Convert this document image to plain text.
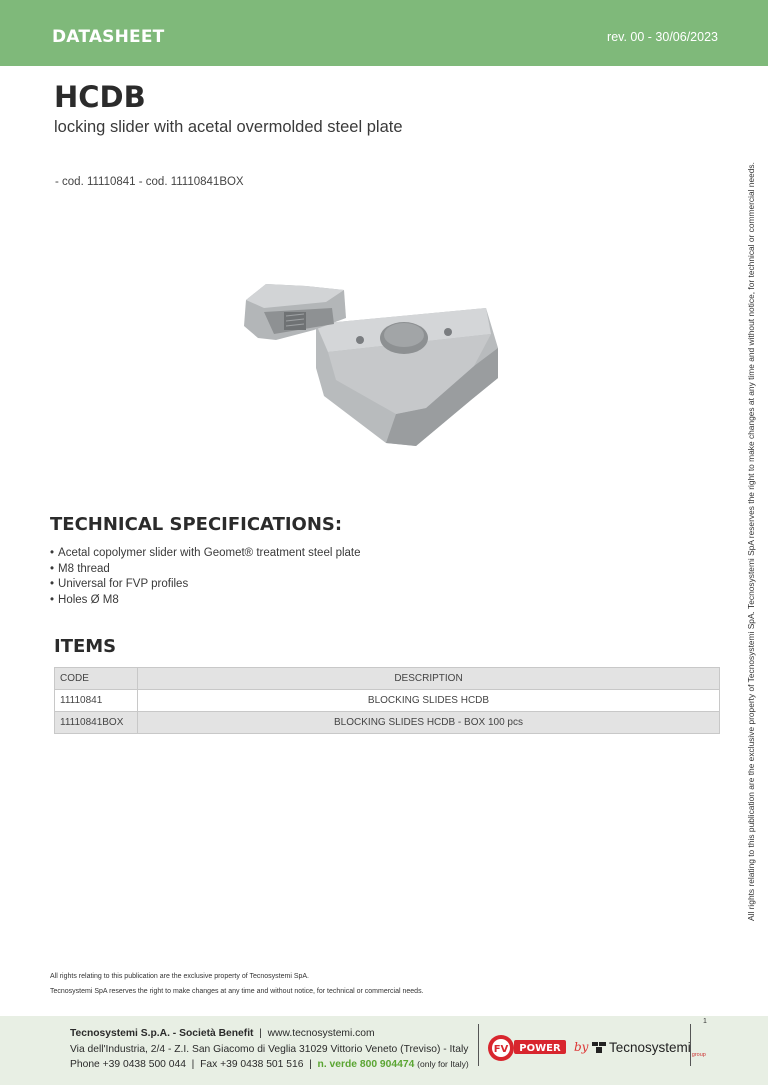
DATASHEET	rev. 00 - 30/06/2023
HCDB
locking slider with acetal overmolded steel plate
- cod. 11110841 - cod. 11110841BOX	All rights relating to this publication are the exclusive property of Tecnosystemi SpA. Tecnosystemi SpA reserves the right to make changes at any time and without notice, for technical or commercial needs.
TECHNICAL SPECIFICATIONS:
• Acetal copolymer slider with Geomet® treatment steel plate
• M8 thread
• Universal for FVP profiles
• Holes Ø M8
ITEMS
CODE	DESCRIPTION
11110841	BLOCKING SLIDES HCDB
11110841BOX	BLOCKING SLIDES HCDB - BOX 100 pcs
All rights relating to this publication are the exclusive property of Tecnosystemi SpA.
Tecnosystemi SpA reserves the right to make changes at any time and without notice, for technical or commercial needs.
1
Tecnosystemi S.p.A. - Società Benefit  |  www.tecnosystemi.com
Via dell'Industria, 2/4 - Z.I. San Giacomo di Veglia 31029 Vittorio Veneto (Treviso) - Italy
Phone +39 0438 500 044  |  Fax +39 0438 501 516  |  n. verde 800 904474 (only for Italy)
FV POWER by	Tecnosystemi$_{group}$
